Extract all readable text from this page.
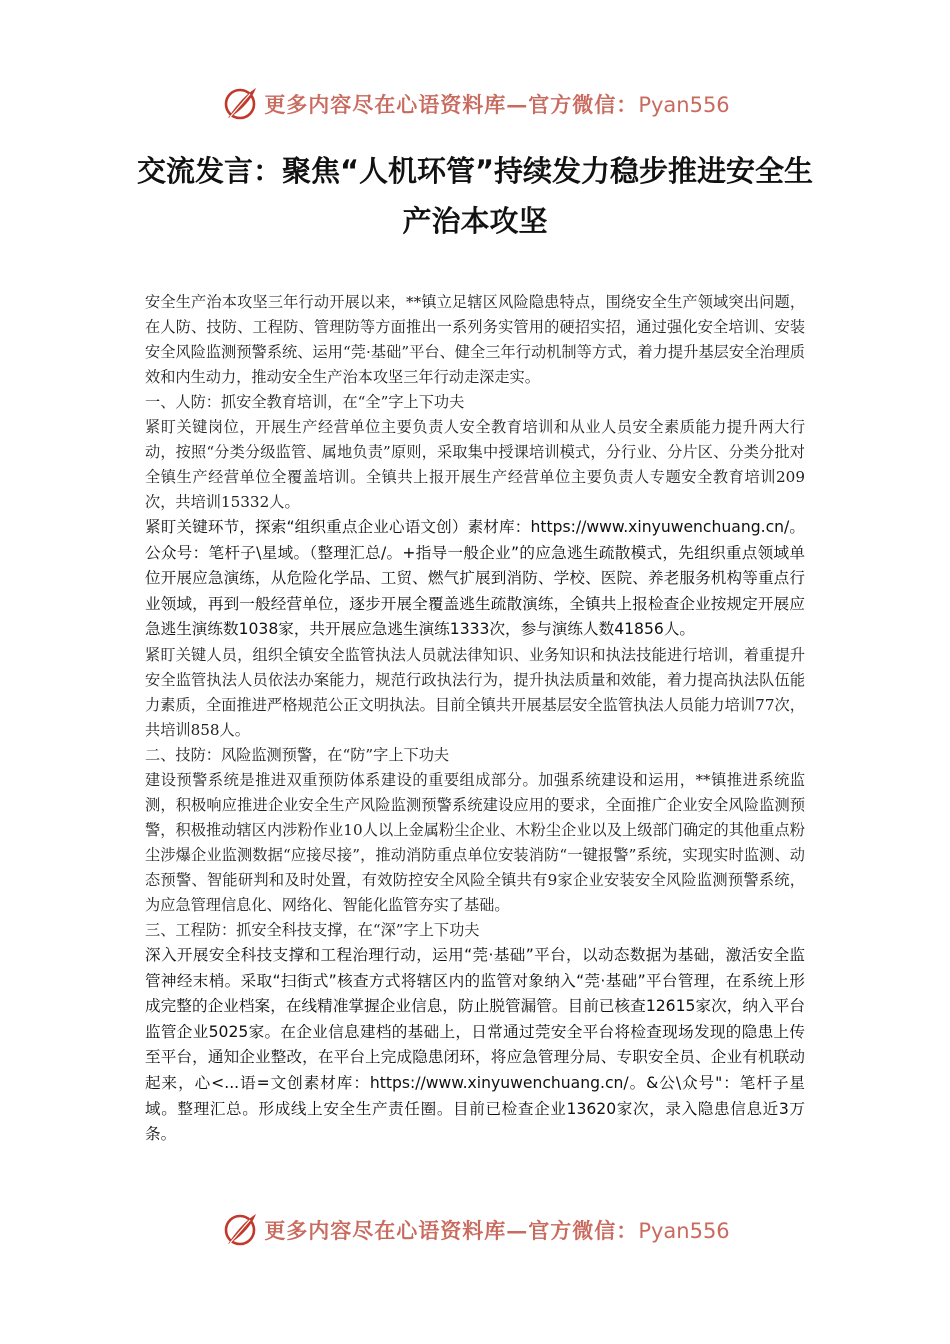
更多内容尽在心语资料库—官方微信：Pyan556
交流发言：聚焦“人机环管”持续发力稳步推进安全生产治本攻坚

安全生产治本攻坚三年行动开展以来，**镇立足辖区风险隐患特点，围绕安全生产领域突出问题，在人防、技防、工程防、管理防等方面推出一系列务实管用的硬招实招，通过强化安全培训、安装安全风险监测预警系统、运用“莞·基础”平台、健全三年行动机制等方式，着力提升基层安全治理质效和内生动力，推动安全生产治本攻坚三年行动走深走实。

一、人防：抓安全教育培训，在“全”字上下功夫

紧盯关键岗位，开展生产经营单位主要负责人安全教育培训和从业人员安全素质能力提升两大行动，按照“分类分级监管、属地负责”原则，采取集中授课培训模式，分行业、分片区、分类分批对全镇生产经营单位全覆盖培训。全镇共上报开展生产经营单位主要负责人专题安全教育培训209次，共培训15332人。

紧盯关键环节，探索“组织重点企业心语文创）素材库：https://www.xinyuwenchuang.cn/。公众号：笔杆子\星域。（整理汇总/。+指导一般企业”的应急逃生疏散模式，先组织重点领域单位开展应急演练，从危险化学品、工贸、燃气扩展到消防、学校、医院、养老服务机构等重点行业领域，再到一般经营单位，逐步开展全覆盖逃生疏散演练，全镇共上报检查企业按规定开展应急逃生演练数1038家，共开展应急逃生演练1333次，参与演练人数41856人。

紧盯关键人员，组织全镇安全监管执法人员就法律知识、业务知识和执法技能进行培训，着重提升安全监管执法人员依法办案能力，规范行政执法行为，提升执法质量和效能，着力提高执法队伍能力素质，全面推进严格规范公正文明执法。目前全镇共开展基层安全监管执法人员能力培训77次，共培训858人。

二、技防：风险监测预警，在“防”字上下功夫

建设预警系统是推进双重预防体系建设的重要组成部分。加强系统建设和运用，**镇推进系统监测，积极响应推进企业安全生产风险监测预警系统建设应用的要求，全面推广企业安全风险监测预警，积极推动辖区内涉粉作业10人以上金属粉尘企业、木粉尘企业以及上级部门确定的其他重点粉尘涉爆企业监测数据“应接尽接”，推动消防重点单位安装消防“一键报警”系统，实现实时监测、动态预警、智能研判和及时处置，有效防控安全风险全镇共有9家企业安装安全风险监测预警系统，为应急管理信息化、网络化、智能化监管夯实了基础。

三、工程防：抓安全科技支撑，在“深”字上下功夫

深入开展安全科技支撑和工程治理行动，运用“莞·基础”平台，以动态数据为基础，激活安全监管神经末梢。采取“扫街式”核查方式将辖区内的监管对象纳入“莞·基础”平台管理，在系统上形成完整的企业档案，在线精准掌握企业信息，防止脱管漏管。目前已核查12615家次，纳入平台监管企业5025家。在企业信息建档的基础上，日常通过莞安全平台将检查现场发现的隐患上传至平台，通知企业整改，在平台上完成隐患闭环，将应急管理分局、专职安全员、企业有机联动起来，心<...语=文创素材库：https://www.xinyuwenchuang.cn/。&公\众号"：笔杆子星域。整理汇总。形成线上安全生产责任圈。目前已检查企业13620家次，录入隐患信息近3万条。

更多内容尽在心语资料库—官方微信：Pyan556
